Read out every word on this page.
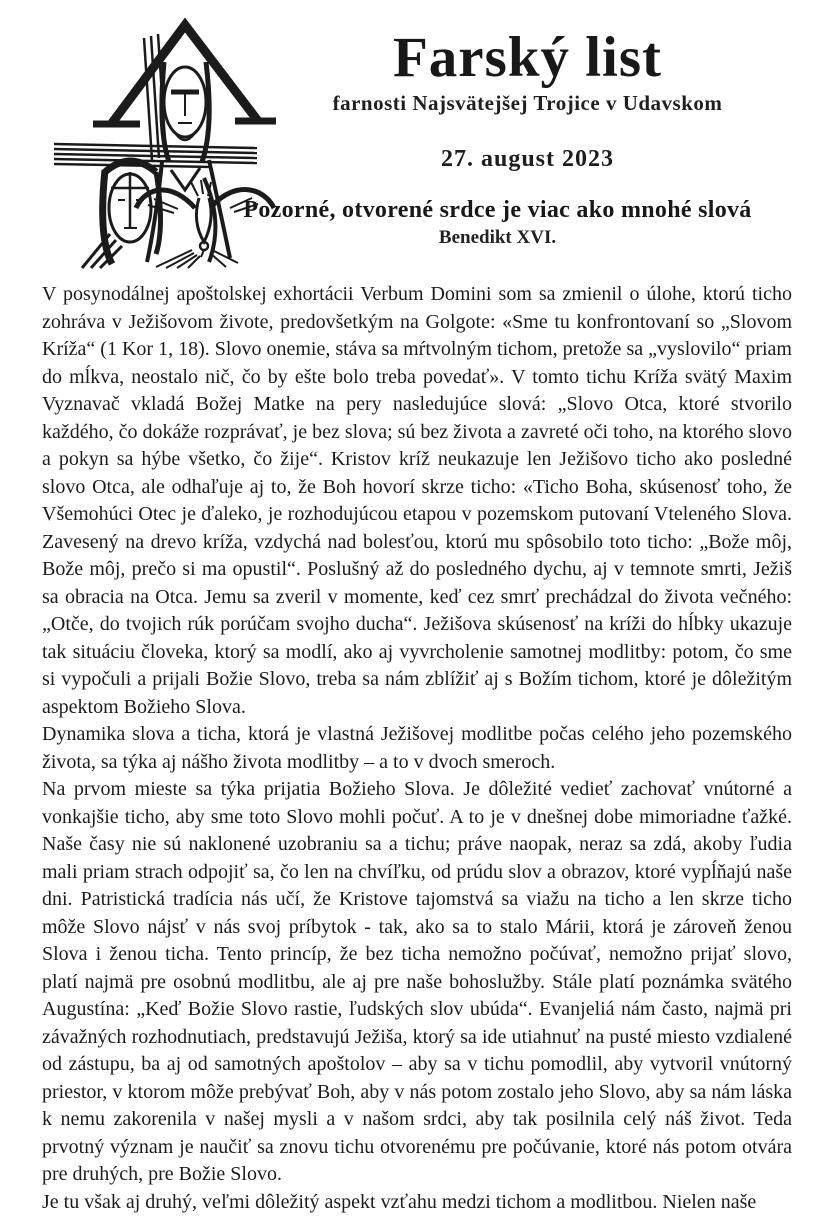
Farský list
farnosti Najsvätejšej Trojice v Udavskom
27. august 2023
Pozorné, otvorené srdce je viac ako mnohé slová
Benedikt XVI.

V posynodálnej apoštolskej exhortácii Verbum Domini som sa zmienil o úlohe, ktorú ticho zohráva v Ježišovom živote, predovšetkým na Golgote: «Sme tu konfrontovaní so „Slovom Kríža“ (1 Kor 1, 18). Slovo onemie, stáva sa mŕtvolným tichom, pretože sa „vyslovilo“ priam do mĺkva, neostalo nič, čo by ešte bolo treba povedať». V tomto tichu Kríža svätý Maxim Vyznavač vkladá Božej Matke na pery nasledujúce slová: „Slovo Otca, ktoré stvorilo každého, čo dokáže rozprávať, je bez slova; sú bez života a zavreté oči toho, na ktorého slovo a pokyn sa hýbe všetko, čo žije“. Kristov kríž neukazuje len Ježišovo ticho ako posledné slovo Otca, ale odhaľuje aj to, že Boh hovorí skrze ticho: «Ticho Boha, skúsenosť toho, že Všemohúci Otec je ďaleko, je rozhodujúcou etapou v pozemskom putovaní Vteleného Slova. Zavesený na drevo kríža, vzdychá nad bolesťou, ktorú mu spôsobilo toto ticho: „Bože môj, Bože môj, prečo si ma opustil“. Poslušný až do posledného dychu, aj v temnote smrti, Ježiš sa obracia na Otca. Jemu sa zveril v momente, keď cez smrť prechádzal do života večného: „Otče, do tvojich rúk porúčam svojho ducha“. Ježišova skúsenosť na kríži do hĺbky ukazuje tak situáciu človeka, ktorý sa modlí, ako aj vyvrcholenie samotnej modlitby: potom, čo sme si vypočuli a prijali Božie Slovo, treba sa nám zblížiť aj s Božím tichom, ktoré je dôležitým aspektom Božieho Slova.

Dynamika slova a ticha, ktorá je vlastná Ježišovej modlitbe počas celého jeho pozemského života, sa týka aj nášho života modlitby – a to v dvoch smeroch.

Na prvom mieste sa týka prijatia Božieho Slova. Je dôležité vedieť zachovať vnútorné a vonkajšie ticho, aby sme toto Slovo mohli počuť. A to je v dnešnej dobe mimoriadne ťažké. Naše časy nie sú naklonené uzobraniu sa a tichu; práve naopak, neraz sa zdá, akoby ľudia mali priam strach odpojiť sa, čo len na chvíľku, od prúdu slov a obrazov, ktoré vypĺňajú naše dni. Patristická tradícia nás učí, že Kristove tajomstvá sa viažu na ticho a len skrze ticho môže Slovo nájsť v nás svoj príbytok - tak, ako sa to stalo Márii, ktorá je zároveň ženou Slova i ženou ticha. Tento princíp, že bez ticha nemožno počúvať, nemožno prijať slovo, platí najmä pre osobnú modlitbu, ale aj pre naše bohoslužby. Stále platí poznámka svätého Augustína: „Keď Božie Slovo rastie, ľudských slov ubúda“. Evanjeliá nám často, najmä pri závažných rozhodnutiach, predstavujú Ježiša, ktorý sa ide utiahnuť na pusté miesto vzdialené od zástupu, ba aj od samotných apoštolov – aby sa v tichu pomodlil, aby vytvoril vnútorný priestor, v ktorom môže prebývať Boh, aby v nás potom zostalo jeho Slovo, aby sa nám láska k nemu zakorenila v našej mysli a v našom srdci, aby tak posilnila celý náš život. Teda prvotný význam je naučiť sa znovu tichu otvorenému pre počúvanie, ktoré nás potom otvára pre druhých, pre Božie Slovo.

Je tu však aj druhý, veľmi dôležitý aspekt vzťahu medzi tichom a modlitbou. Nielen naše
